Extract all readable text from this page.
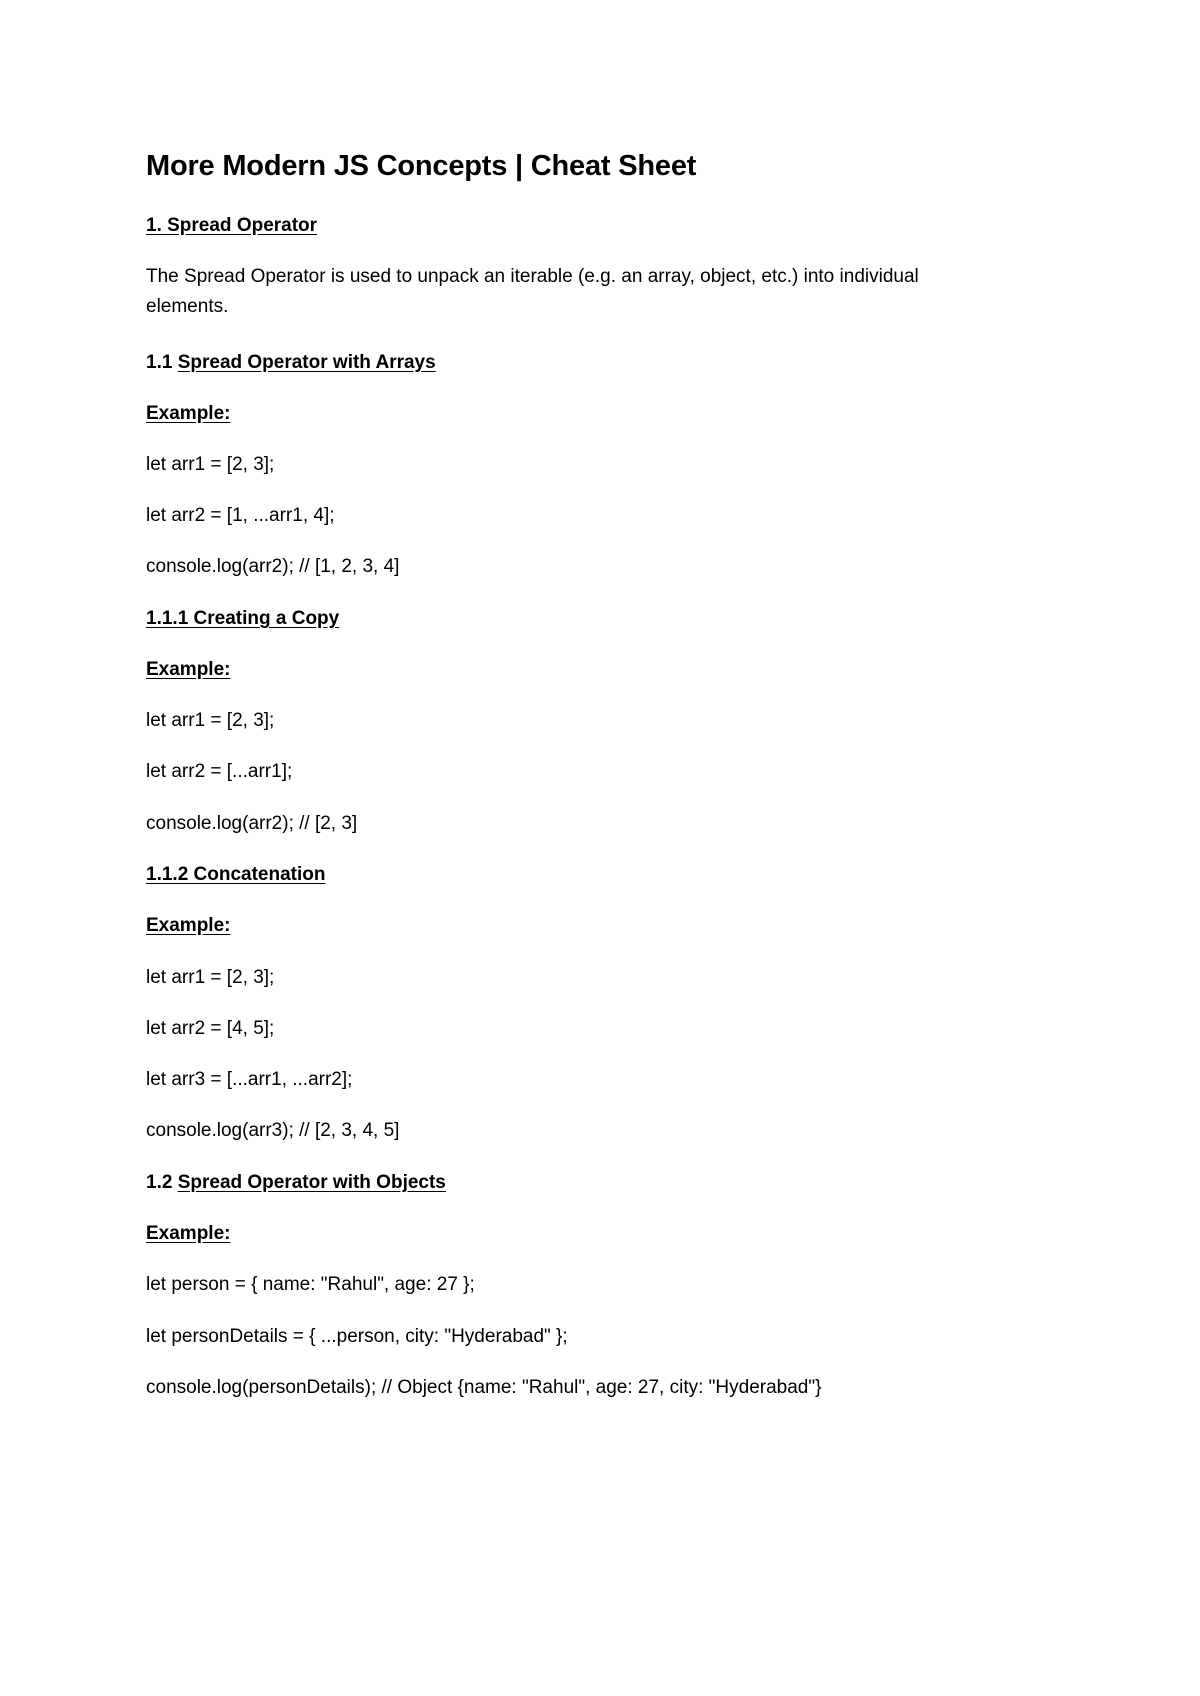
More Modern JS Concepts | Cheat Sheet
1. Spread Operator
The Spread Operator is used to unpack an iterable (e.g. an array, object, etc.) into individual elements.
1.1 Spread Operator with Arrays
Example:
let arr1 = [2, 3];
let arr2 = [1, ...arr1, 4];
console.log(arr2); // [1, 2, 3, 4]
1.1.1 Creating a Copy
Example:
let arr1 = [2, 3];
let arr2 = [...arr1];
console.log(arr2); // [2, 3]
1.1.2 Concatenation
Example:
let arr1 = [2, 3];
let arr2 = [4, 5];
let arr3 = [...arr1, ...arr2];
console.log(arr3); // [2, 3, 4, 5]
1.2 Spread Operator with Objects
Example:
let person = { name: "Rahul", age: 27 };
let personDetails = { ...person, city: "Hyderabad" };
console.log(personDetails); // Object {name: "Rahul", age: 27, city: "Hyderabad"}
